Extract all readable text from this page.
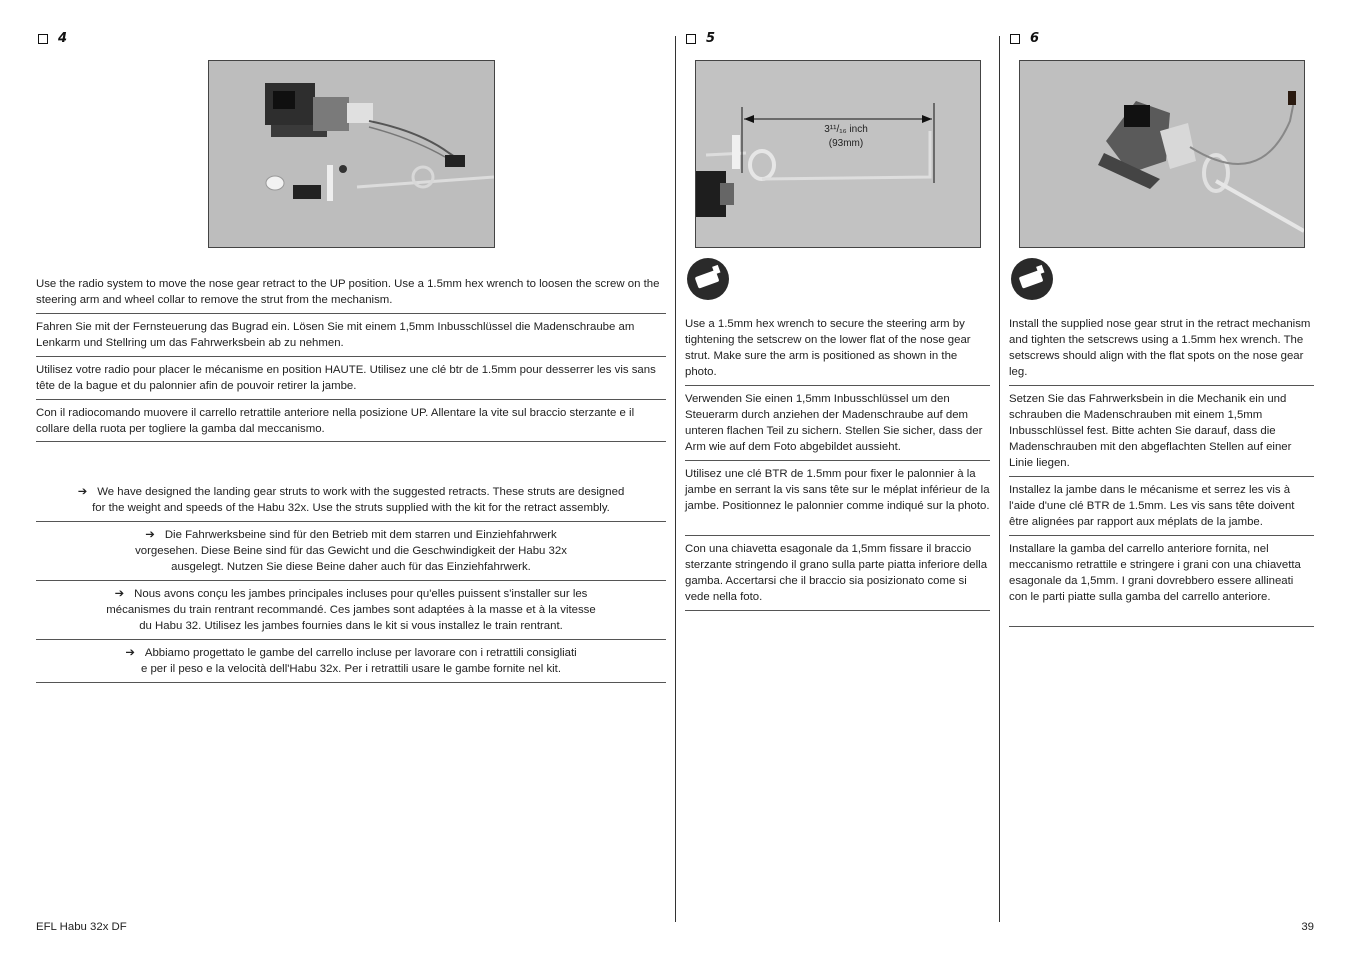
4
Use the radio system to move the nose gear retract to the UP position. Use a 1.5mm hex wrench to loosen the screw on the steering arm and wheel collar to remove the strut from the mechanism.
Fahren Sie mit der Fernsteuerung das Bugrad ein. Lösen Sie mit einem 1,5mm Inbusschlüssel die Madenschraube am Lenkarm und Stellring um das Fahrwerksbein ab zu nehmen.
Utilisez votre radio pour placer le mécanisme en position HAUTE. Utilisez une clé btr de 1.5mm pour desserrer les vis sans tête de la bague et du palonnier afin de pouvoir retirer la jambe.
Con il radiocomando muovere il carrello retrattile anteriore nella posizione UP. Allentare la vite sul braccio sterzante e il collare della ruota per togliere la gamba dal meccanismo.
➔ We have designed the landing gear struts to work with the suggested retracts. These struts are designed
for the weight and speeds of the Habu 32x. Use the struts supplied with the kit for the retract assembly.
➔ Die Fahrwerksbeine sind für den Betrieb mit dem starren und Einziehfahrwerk
vorgesehen. Diese Beine sind für das Gewicht und die Geschwindigkeit der Habu 32x
ausgelegt. Nutzen Sie diese Beine daher auch für das Einziehfahrwerk.
➔ Nous avons conçu les jambes principales incluses pour qu'elles puissent s'installer sur les
mécanismes du train rentrant recommandé. Ces jambes sont adaptées à la masse et à la vitesse
du Habu 32. Utilisez les jambes fournies dans le kit si vous installez le train rentrant.
➔ Abbiamo progettato le gambe del carrello incluse per lavorare con i retrattili consigliati
e per il peso e la velocità dell'Habu 32x. Per i retrattili usare le gambe fornite nel kit.
5
3¹¹/₁₆ inch
(93mm)
Use a 1.5mm hex wrench to secure the steering arm by tightening the setscrew on the lower flat of the nose gear strut. Make sure the arm is positioned as shown in the photo.
Verwenden Sie einen 1,5mm Inbusschlüssel um den Steuerarm durch anziehen der Madenschraube auf dem unteren flachen Teil zu sichern. Stellen Sie sicher, dass der Arm wie auf dem Foto abgebildet aussieht.
Utilisez une clé BTR de 1.5mm pour fixer le palonnier à la jambe en serrant la vis sans tête sur le méplat inférieur de la jambe. Positionnez le palonnier comme indiqué sur la photo.
Con una chiavetta esagonale da 1,5mm fissare il braccio sterzante stringendo il grano sulla parte piatta inferiore della gamba. Accertarsi che il braccio sia posizionato come si vede nella foto.
6
Install the supplied nose gear strut in the retract mechanism and tighten the setscrews using a 1.5mm hex wrench. The setscrews should align with the flat spots on the nose gear leg.
Setzen Sie das Fahrwerksbein in die Mechanik ein und schrauben die Madenschrauben mit einem 1,5mm Inbusschlüssel fest. Bitte achten Sie darauf, dass die Madenschrauben mit den abgeflachten Stellen auf einer Linie liegen.
Installez la jambe dans le mécanisme et serrez les vis à l'aide d'une clé BTR de 1.5mm. Les vis sans tête doivent être alignées par rapport aux méplats de la jambe.
Installare la gamba del carrello anteriore fornita, nel meccanismo retrattile e stringere i grani con una chiavetta esagonale da 1,5mm. I grani dovrebbero essere allineati con le parti piatte sulla gamba del carrello anteriore.
EFL Habu 32x DF	39
